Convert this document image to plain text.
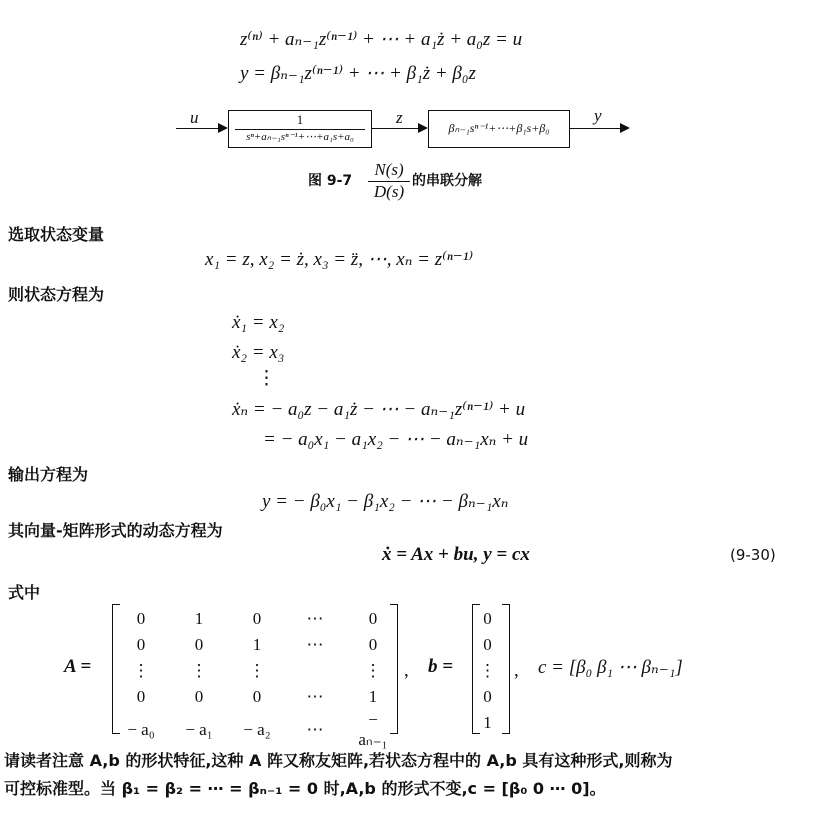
z⁽ⁿ⁾ + aₙ₋₁z⁽ⁿ⁻¹⁾ + ⋯ + a₁ż + a₀z = u
y = βₙ₋₁z⁽ⁿ⁻¹⁾ + ⋯ + β₁ż + β₀z
u	1
sⁿ+aₙ₋₁sⁿ⁻¹+⋯+a₁s+a₀
z
βₙ₋₁sⁿ⁻¹+⋯+β₁s+β₀
y
图 9-7
N(s)
D(s)
的串联分解
选取状态变量
x₁ = z, x₂ = ż, x₃ = z̈, ⋯, xₙ = z⁽ⁿ⁻¹⁾
则状态方程为
ẋ₁ = x₂
ẋ₂ = x₃
⋮
ẋₙ = − a₀z − a₁ż − ⋯ − aₙ₋₁z⁽ⁿ⁻¹⁾ + u
= − a₀x₁ − a₁x₂ − ⋯ − aₙ₋₁xₙ + u
输出方程为
y = − β₀x₁ − β₁x₂ − ⋯ − βₙ₋₁xₙ
其向量-矩阵形式的动态方程为
ẋ = Ax + bu, y = cx	(9-30)
式中
A =
0	1	0	⋯	0
0	0	1	⋯	0
⋮	⋮	⋮		⋮
0	0	0	⋯	1
− a₀	− a₁	− a₂	⋯	− aₙ₋₁
, b =
0
0
⋮
0
1
, c = [β₀ β₁ ⋯ βₙ₋₁]
请读者注意 A,b 的形状特征,这种 A 阵又称友矩阵,若状态方程中的 A,b 具有这种形式,则称为
可控标准型。当 β₁ = β₂ = ⋯ = βₙ₋₁ = 0 时,A,b 的形式不变,c = [β₀ 0 ⋯ 0]。
